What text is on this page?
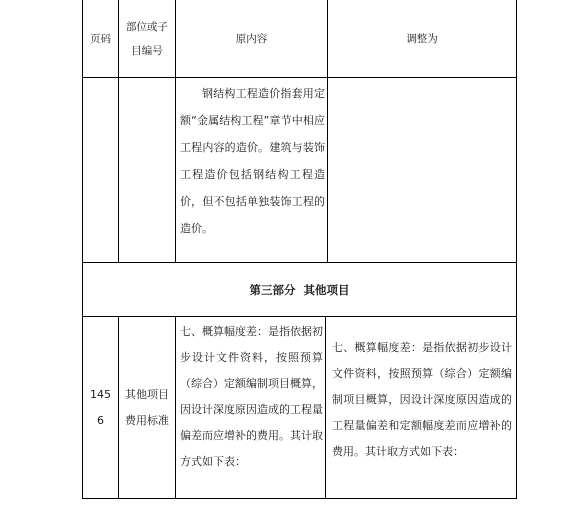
页码
部位或子
目编号
原内容	调整为
钢结构工程造价指套用定额“金属结构工程”章节中相应工程内容的造价。建筑与装饰工程造价包括钢结构工程造价，但不包括单独装饰工程的造价。
第三部分  其他项目
145
6
其他项目费用标准
七、概算幅度差：是指依据初步设计文件资料，按照预算（综合）定额编制项目概算，因设计深度原因造成的工程量偏差而应增补的费用。其计取方式如下表：
七、概算幅度差：是指依据初步设计文件资料，按照预算（综合）定额编制项目概算，因设计深度原因造成的工程量偏差和定额幅度差而应增补的费用。其计取方式如下表：
